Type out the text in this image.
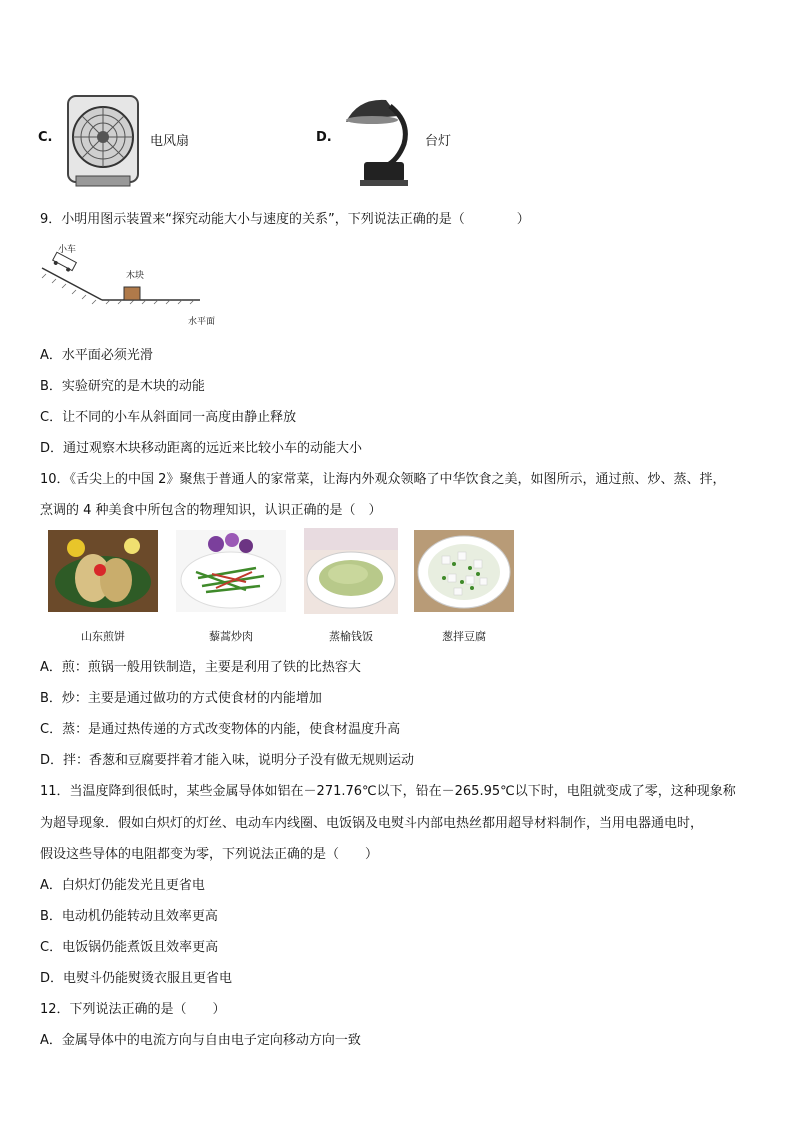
C.	电风扇	D.	台灯
9．小明用图示装置来“探究动能大小与速度的关系”，下列说法正确的是（　　　　）
小车
木块
水平面
A．水平面必须光滑
B．实验研究的是木块的动能
C．让不同的小车从斜面同一高度由静止释放
D．通过观察木块移动距离的远近来比较小车的动能大小
10．《舌尖上的中国 2》聚焦于普通人的家常菜，让海内外观众领略了中华饮食之美，如图所示，通过煎、炒、蒸、拌，
烹调的 4 种美食中所包含的物理知识，认识正确的是（　）
山东煎饼	藜蒿炒肉	蒸榆钱饭	葱拌豆腐
A．煎：煎锅一般用铁制造，主要是利用了铁的比热容大
B．炒：主要是通过做功的方式使食材的内能增加
C．蒸：是通过热传递的方式改变物体的内能，使食材温度升高
D．拌：香葱和豆腐要拌着才能入味，说明分子没有做无规则运动
11．当温度降到很低时，某些金属导体如铝在－271.76℃以下，铅在－265.95℃以下时，电阻就变成了零，这种现象称
为超导现象．假如白炽灯的灯丝、电动车内线圈、电饭锅及电熨斗内部电热丝都用超导材料制作，当用电器通电时，
假设这些导体的电阻都变为零，下列说法正确的是（　　）
A．白炽灯仍能发光且更省电
B．电动机仍能转动且效率更高
C．电饭锅仍能煮饭且效率更高
D．电熨斗仍能熨烫衣服且更省电
12．下列说法正确的是（　　）
A．金属导体中的电流方向与自由电子定向移动方向一致
